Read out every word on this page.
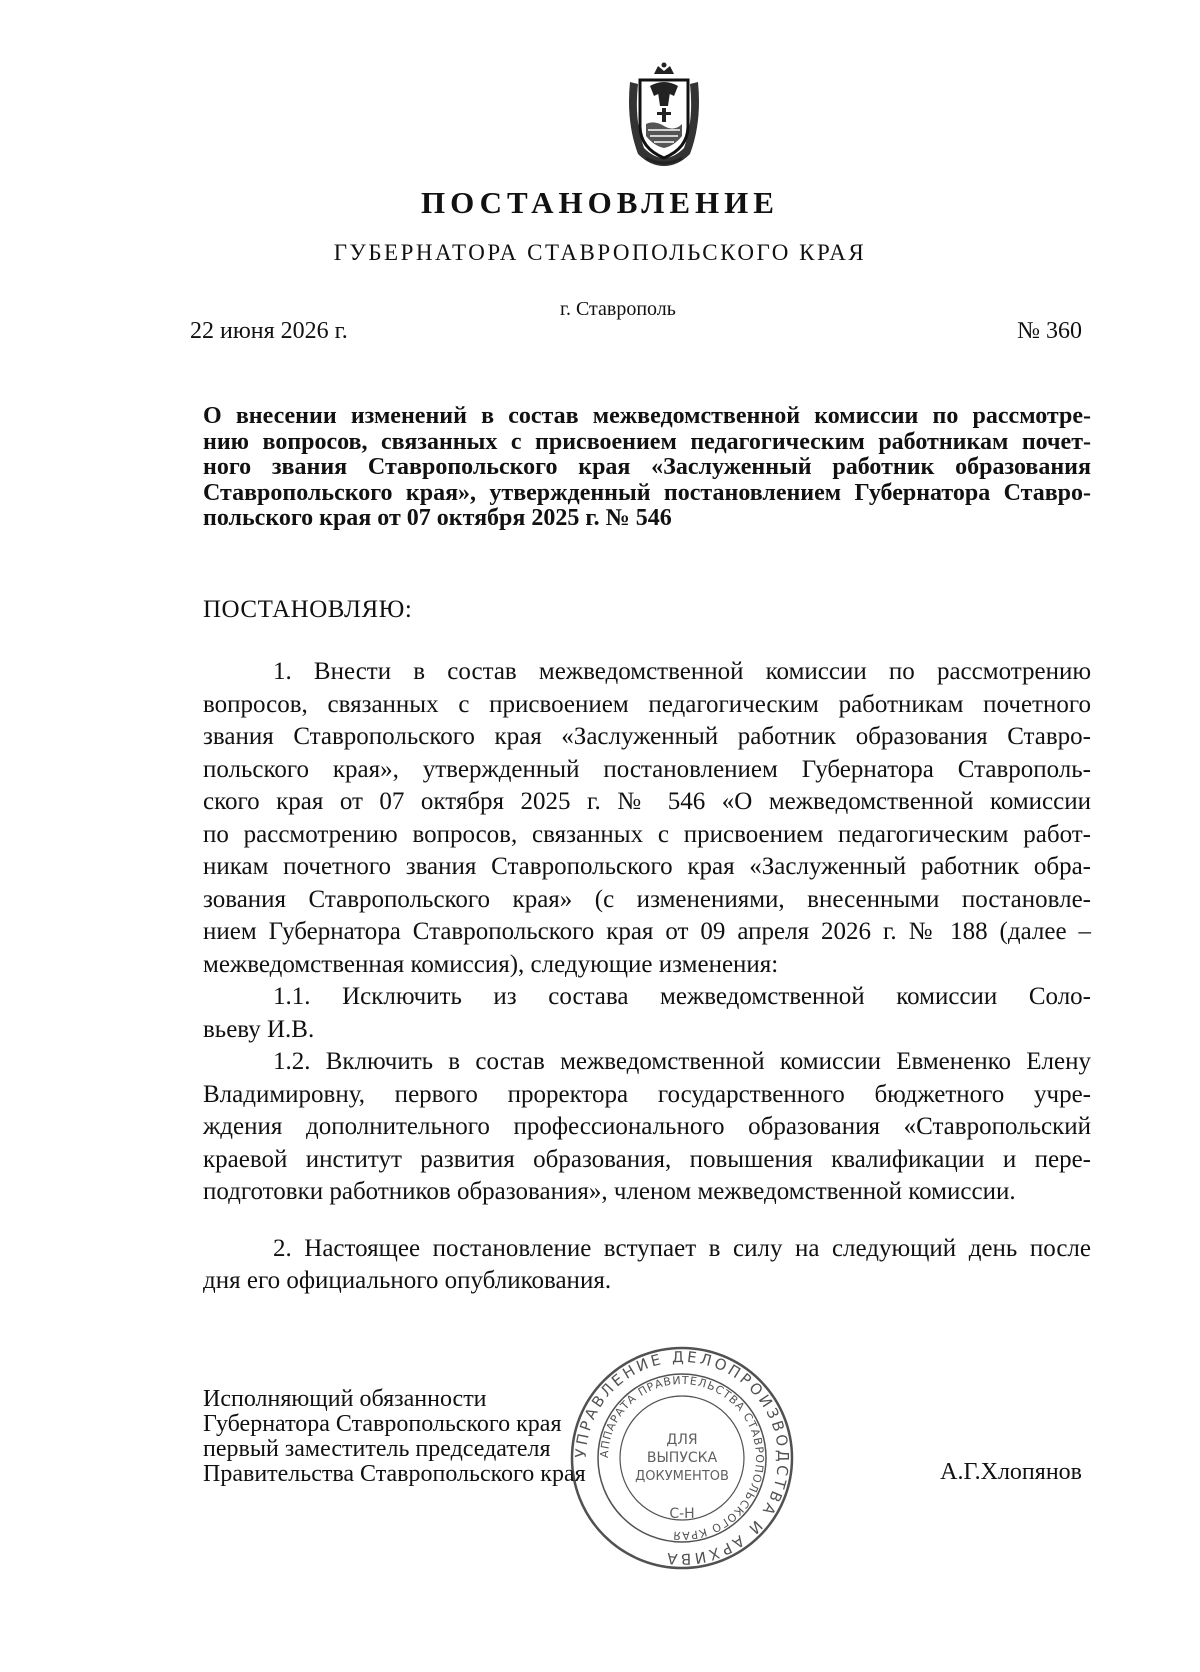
ПОСТАНОВЛЕНИЕ
ГУБЕРНАТОРА СТАВРОПОЛЬСКОГО КРАЯ
г. Ставрополь
22 июня 2026 г.	№ 360
О внесении изменений в состав межведомственной комиссии по рассмотре-
нию вопросов, связанных с присвоением педагогическим работникам почет-
ного звания Ставропольского края «Заслуженный работник образования
Ставропольского края», утвержденный постановлением Губернатора Ставро-
польского края от 07 октября 2025 г. № 546
ПОСТАНОВЛЯЮ:
1. Внести в состав межведомственной комиссии по рассмотрению
вопросов, связанных с присвоением педагогическим работникам почетного
звания Ставропольского края «Заслуженный работник образования Ставро-
польского края», утвержденный постановлением Губернатора Ставрополь-
ского края от 07 октября 2025 г. № 546 «О межведомственной комиссии
по рассмотрению вопросов, связанных с присвоением педагогическим работ-
никам почетного звания Ставропольского края «Заслуженный работник обра-
зования Ставропольского края» (с изменениями, внесенными постановле-
нием Губернатора Ставропольского края от 09 апреля 2026 г. № 188 (далее –
межведомственная комиссия), следующие изменения:
1.1. Исключить из состава межведомственной комиссии Соло-
вьеву И.В.
1.2. Включить в состав межведомственной комиссии Евмененко Елену
Владимировну, первого проректора государственного бюджетного учре-
ждения дополнительного профессионального образования «Ставропольский
краевой институт развития образования, повышения квалификации и пере-
подготовки работников образования», членом межведомственной комиссии.
2. Настоящее постановление вступает в силу на следующий день после
дня его официального опубликования.
Исполняющий обязанности
Губернатора Ставропольского края
первый заместитель председателя
Правительства Ставропольского края	А.Г.Хлопянов
УПРАВЛЕНИЕ ДЕЛОПРОИЗВОДСТВА И АРХИВА
АППАРАТА ПРАВИТЕЛЬСТВА СТАВРОПОЛЬСКОГО КРАЯ
ДЛЯ
ВЫПУСКА
ДОКУМЕНТОВ
С-Н
